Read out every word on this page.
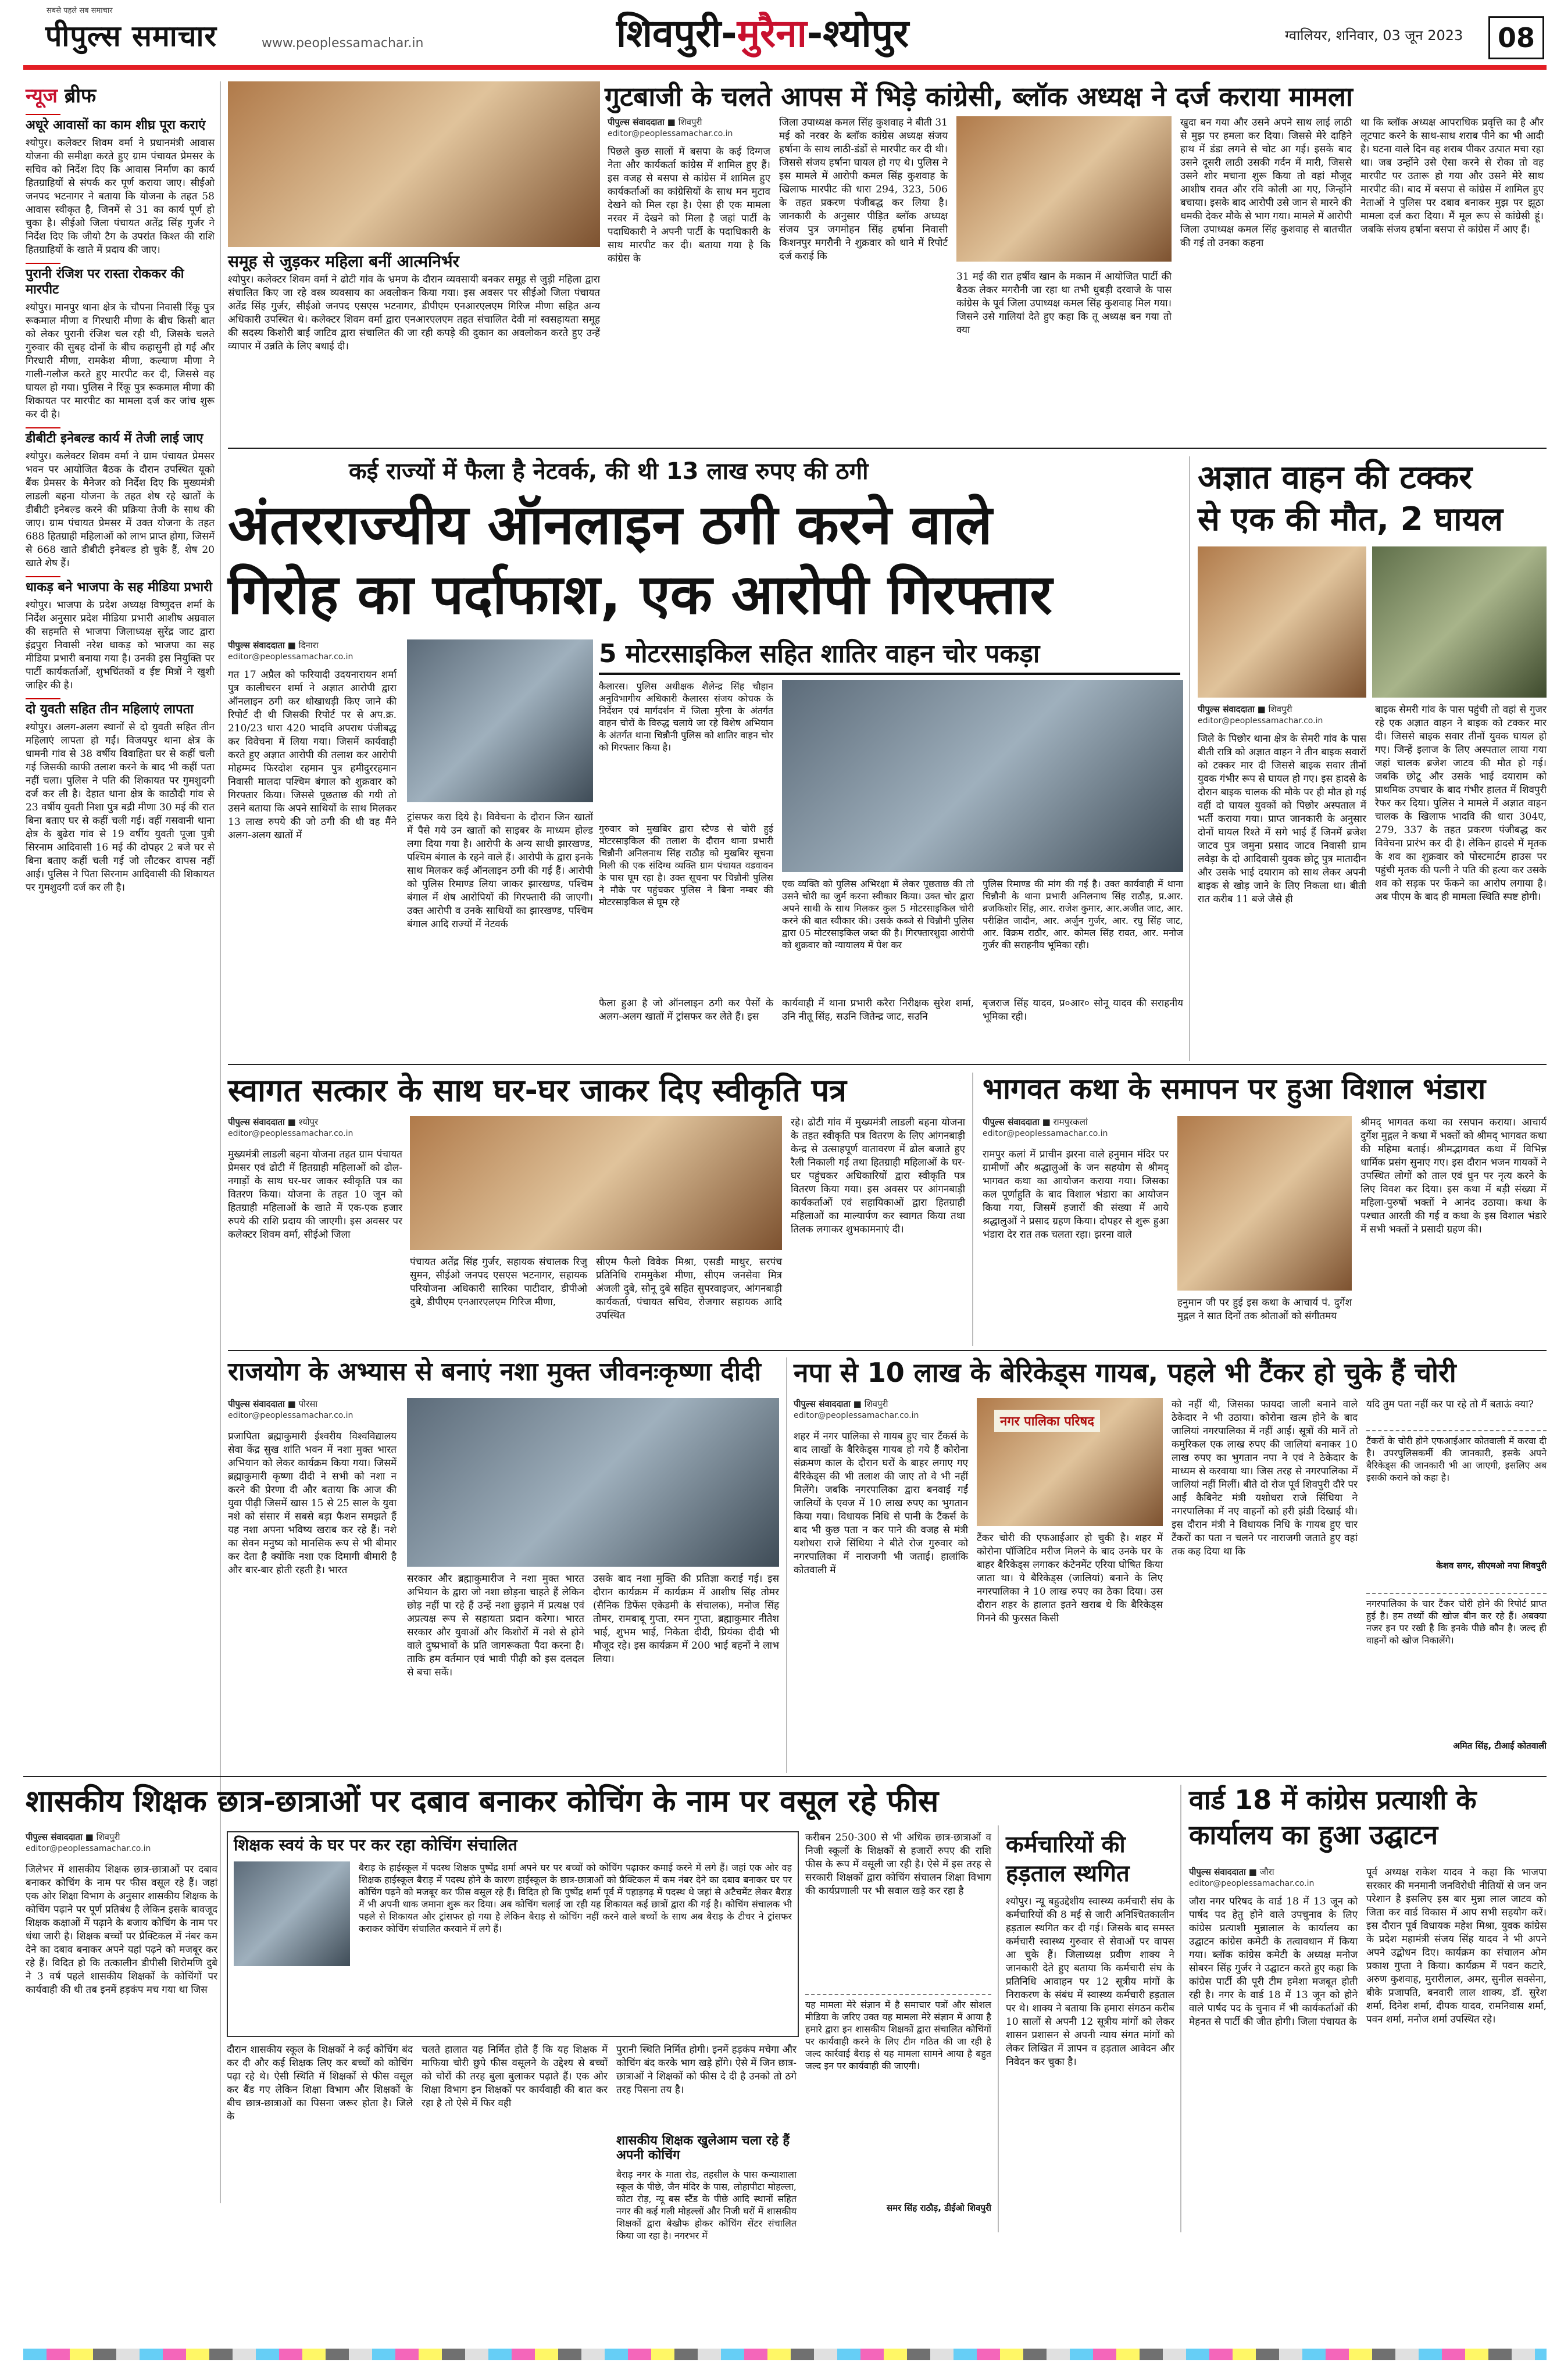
सबसे पहले सब समाचार
पीपुल्स समाचार	www.peoplessamachar.in	शिवपुरी-मुरैना-श्योपुर	ग्वालियर, शनिवार, 03 जून 2023	08
न्यूज ब्रीफ
अधूरे आवासों का काम शीघ्र पूरा कराएं

श्योपुर। कलेक्टर शिवम वर्मा ने प्रधानमंत्री आवास योजना की समीक्षा करते हुए ग्राम पंचायत प्रेमसर के सचिव को निर्देश दिए कि आवास निर्माण का कार्य हितग्राहियों से संपर्क कर पूर्ण कराया जाए। सीईओ जनपद भटनागर ने बताया कि योजना के तहत 58 आवास स्वीकृत है, जिनमें से 31 का कार्य पूर्ण हो चुका है। सीईओ जिला पंचायत अतेंद्र सिंह गुर्जर ने निर्देश दिए कि जीयो टैग के उपरांत किश्त की राशि हितग्राहियों के खाते में प्रदाय की जाए।

पुरानी रंजिश पर रास्ता रोककर की मारपीट

श्योपुर। मानपुर थाना क्षेत्र के चौपना निवासी रिंकू पुत्र रूकमाल मीणा व गिरधारी मीणा के बीच किसी बात को लेकर पुरानी रंजिश चल रही थी, जिसके चलते गुरुवार की सुबह दोनों के बीच कहासुनी हो गई और गिरधारी मीणा, रामकेश मीणा, कल्याण मीणा ने गाली-गलौज करते हुए मारपीट कर दी, जिससे वह घायल हो गया। पुलिस ने रिंकू पुत्र रूकमाल मीणा की शिकायत पर मारपीट का मामला दर्ज कर जांच शुरू कर दी है।

डीबीटी इनेबल्ड कार्य में तेजी लाई जाए

श्योपुर। कलेक्टर शिवम वर्मा ने ग्राम पंचायत प्रेमसर भवन पर आयोजित बैठक के दौरान उपस्थित यूको बैंक प्रेमसर के मैनेजर को निर्देश दिए कि मुख्यमंत्री लाडली बहना योजना के तहत शेष रहे खातों के डीबीटी इनेबल्ड करने की प्रक्रिया तेजी के साथ की जाए। ग्राम पंचायत प्रेमसर में उक्त योजना के तहत 688 हितग्राही महिलाओं को लाभ प्राप्त होगा, जिसमें से 668 खाते डीबीटी इनेबल्ड हो चुके हैं, शेष 20 खाते शेष हैं।

धाकड़ बने भाजपा के सह मीडिया प्रभारी

श्योपुर। भाजपा के प्रदेश अध्यक्ष विष्णुदत्त शर्मा के निर्देश अनुसार प्रदेश मीडिया प्रभारी आशीष अग्रवाल की सहमति से भाजपा जिलाध्यक्ष सुरेंद्र जाट द्वारा इंद्रपुरा निवासी नरेश धाकड़ को भाजपा का सह मीडिया प्रभारी बनाया गया है। उनकी इस नियुक्ति पर पार्टी कार्यकर्ताओं, शुभचिंतकों व ईष्ट मित्रों ने खुशी जाहिर की है।

दो युवती सहित तीन महिलाएं लापता

श्योपुर। अलग-अलग स्थानों से दो युवती सहित तीन महिलाएं लापता हो गईं। विजयपुर थाना क्षेत्र के धामनी गांव से 38 वर्षीय विवाहिता घर से कहीं चली गई जिसकी काफी तलाश करने के बाद भी कहीं पता नहीं चला। पुलिस ने पति की शिकायत पर गुमशुदगी दर्ज कर ली है। देहात थाना क्षेत्र के काठौदी गांव से 23 वर्षीय युवती निशा पुत्र बद्री मीणा 30 मई की रात बिना बताए घर से कहीं चली गई। वहीं गसवानी थाना क्षेत्र के बुढेरा गांव से 19 वर्षीय युवती पूजा पुत्री सिरनाम आदिवासी 16 मई की दोपहर 2 बजे घर से बिना बताए कहीं चली गई जो लौटकर वापस नहीं आई। पुलिस ने पिता सिरनाम आदिवासी की शिकायत पर गुमशुदगी दर्ज कर ली है।

समूह से जुड़कर महिला बनीं आत्मनिर्भर

श्योपुर। कलेक्टर शिवम वर्मा ने ढोटी गांव के भ्रमण के दौरान व्यवसायी बनकर समूह से जुड़ी महिला द्वारा संचालित किए जा रहे वस्त्र व्यवसाय का अवलोकन किया गया। इस अवसर पर सीईओ जिला पंचायत अतेंद्र सिंह गुर्जर, सीईओ जनपद एसएस भटनागर, डीपीएम एनआरएलएम गिरिज मीणा सहित अन्य अधिकारी उपस्थित थे। कलेक्टर शिवम वर्मा द्वारा एनआरएलएम तहत संचालित देवी मां स्वसहायता समूह की सदस्य किशोरी बाई जाटिव द्वारा संचालित की जा रही कपड़े की दुकान का अवलोकन करते हुए उन्हें व्यापार में उन्नति के लिए बधाई दी।

गुटबाजी के चलते आपस में भिड़े कांग्रेसी, ब्लॉक अध्यक्ष ने दर्ज कराया मामला
पीपुल्स संवाददाता ■ शिवपुरी
editor@peoplessamachar.co.in

पिछले कुछ सालों में बसपा के कई दिग्गज नेता और कार्यकर्ता कांग्रेस में शामिल हुए हैं। इस वजह से बसपा से कांग्रेस में शामिल हुए कार्यकर्ताओं का कांग्रेसियों के साथ मन मुटाव देखने को मिल रहा है। ऐसा ही एक मामला नरवर में देखने को मिला है जहां पार्टी के पदाधिकारी ने अपनी पार्टी के पदाधिकारी के साथ मारपीट कर दी। बताया गया है कि कांग्रेस के

जिला उपाध्यक्ष कमल सिंह कुशवाह ने बीती 31 मई को नरवर के ब्लॉक कांग्रेस अध्यक्ष संजय हर्षाना के साथ लाठी-डंडों से मारपीट कर दी थी। जिससे संजय हर्षाना घायल हो गए थे। पुलिस ने इस मामले में आरोपी कमल सिंह कुशवाह के खिलाफ मारपीट की धारा 294, 323, 506 के तहत प्रकरण पंजीबद्ध कर लिया है। जानकारी के अनुसार पीड़ित ब्लॉक अध्यक्ष संजय पुत्र जगमोहन सिंह हर्षाना निवासी किशनपुर मगरौनी ने शुक्रवार को थाने में रिपोर्ट दर्ज कराई कि

31 मई की रात हर्षीव खान के मकान में आयोजित पार्टी की बैठक लेकर मगरौनी जा रहा था तभी धुबड़ी दरवाजे के पास कांग्रेस के पूर्व जिला उपाध्यक्ष कमल सिंह कुशवाह मिल गया। जिसने उसे गालियां देते हुए कहा कि तू अध्यक्ष बन गया तो क्या

खुदा बन गया और उसने अपने साथ लाई लाठी से मुझ पर हमला कर दिया। जिससे मेरे दाहिने हाथ में डंडा लगने से चोट आ गई। इसके बाद उसने दूसरी लाठी उसकी गर्दन में मारी, जिससे उसने शोर मचाना शुरू किया तो वहां मौजूद आशीष रावत और रवि कोली आ गए, जिन्होंने बचाया। इसके बाद आरोपी उसे जान से मारने की धमकी देकर मौके से भाग गया। मामले में आरोपी जिला उपाध्यक्ष कमल सिंह कुशवाह से बातचीत की गई तो उनका कहना

था कि ब्लॉक अध्यक्ष आपराधिक प्रवृत्ति का है और लूटपाट करने के साथ-साथ शराब पीने का भी आदी है। घटना वाले दिन वह शराब पीकर उत्पात मचा रहा था। जब उन्होंने उसे ऐसा करने से रोका तो वह मारपीट पर उतारू हो गया और उसने मेरे साथ मारपीट की। बाद में बसपा से कांग्रेस में शामिल हुए नेताओं ने पुलिस पर दबाव बनाकर मुझ पर झूठा मामला दर्ज करा दिया। मैं मूल रूप से कांग्रेसी हूं। जबकि संजय हर्षाना बसपा से कांग्रेस में आए हैं।

कई राज्यों में फैला है नेटवर्क, की थी 13 लाख रुपए की ठगी
अंतरराज्यीय ऑनलाइन ठगी करने वाले
गिरोह का पर्दाफाश, एक आरोपी गिरफ्तार
पीपुल्स संवाददाता ■ दिनारा
editor@peoplessamachar.co.in

गत 17 अप्रैल को फरियादी उदयनारायन शर्मा पुत्र कालीचरन शर्मा ने अज्ञात आरोपी द्वारा ऑनलाइन ठगी कर धोखाधड़ी किए जाने की रिपोर्ट दी थी जिसकी रिपोर्ट पर से अप.क्र. 210/23 धारा 420 भादवि अपराध पंजीबद्ध कर विवेचना में लिया गया। जिसमें कार्यवाही करते हुए अज्ञात आरोपी की तलाश कर आरोपी मोहम्मद फिरदोश रहमान पुत्र हमीदुररहमान निवासी मालदा पश्चिम बंगाल को शुक्रवार को गिरफ्तार किया। जिससे पूछताछ की गयी तो उसने बताया कि अपने साथियों के साथ मिलकर 13 लाख रुपये की जो ठगी की थी वह मैंने अलग-अलग खातों में

ट्रांसफर करा दिये है। विवेचना के दौरान जिन खातों में पैसे गये उन खातों को साइबर के माध्यम होल्ड लगा दिया गया है। आरोपी के अन्य साथी झारखण्ड, पश्चिम बंगाल के रहने वाले हैं। आरोपी के द्वारा इनके साथ मिलकर कई ऑनलाइन ठगी की गई हैं। आरोपी को पुलिस रिमाण्ड लिया जाकर झारखण्ड, पश्चिम बंगाल में शेष आरोपियों की गिरफ्तारी की जाएगी। उक्त आरोपी व उनके साथियों का झारखण्ड, पश्चिम बंगाल आदि राज्यों में नेटवर्क

5 मोटरसाइकिल सहित शातिर वाहन चोर पकड़ा

कैलारस। पुलिस अधीक्षक शैलेन्द्र सिंह चौहान अनुविभागीय अधिकारी कैलारस संजय कोचक के निर्देशन एवं मार्गदर्शन में जिला मुरैना के अंतर्गत वाहन चोरों के विरुद्ध चलाये जा रहे विशेष अभियान के अंतर्गत थाना चिन्नौनी पुलिस को शातिर वाहन चोर को गिरफ्तार किया है।

गुरुवार को मुखबिर द्वारा स्टैण्ड से चोरी हुई मोटरसाइकिल की तलाश के दौरान थाना प्रभारी चिन्नौनी अनिलनाथ सिंह राठौड़ को मुखबिर सूचना मिली की एक संदिग्ध व्यक्ति ग्राम पंचायत वडवावन के पास घूम रहा है। उक्त सूचना पर चिन्नौनी पुलिस ने मौके पर पहुंचकर पुलिस ने बिना नम्बर की मोटरसाइकिल से घूम रहे

एक व्यक्ति को पुलिस अभिरक्षा में लेकर पूछताछ की तो उसने चोरी का जुर्म करना स्वीकार किया। उक्त चोर द्वारा अपने साथी के साथ मिलकर कुल 5 मोटरसाइकिल चोरी करने की बात स्वीकार की। उसके कब्जे से चिन्नौनी पुलिस द्वारा 05 मोटरसाइकिल जब्त की है। गिरफ्तारशुदा आरोपी को शुक्रवार को न्यायालय में पेश कर

पुलिस रिमाण्ड की मांग की गई है। उक्त कार्यवाही में थाना चिन्नौनी के थाना प्रभारी अनिलनाथ सिंह राठौड़, प्र.आर. ब्रजकिशोर सिंह, आर. राजेश कुमार, आर.अजीत जाट, आर. परीक्षित जादौन, आर. अर्जुन गुर्जर, आर. रघु सिंह जाट, आर. विक्रम राठौर, आर. कोमल सिंह रावत, आर. मनोज गुर्जर की सराहनीय भूमिका रही।

फैला हुआ है जो ऑनलाइन ठगी कर पैसों के अलग-अलग खातों में ट्रांसफर कर लेते हैं। इस

कार्यवाही में थाना प्रभारी करैरा निरीक्षक सुरेश शर्मा, उनि नीतू सिंह, सउनि जितेन्द्र जाट, सउनि

बृजराज सिंह यादव, प्र०आर० सोनू यादव की सराहनीय भूमिका रही।

अज्ञात वाहन की टक्कर
से एक की मौत, 2 घायल
पीपुल्स संवाददाता ■ शिवपुरी
editor@peoplessamachar.co.in

जिले के पिछोर थाना क्षेत्र के सेमरी गांव के पास बीती रात्रि को अज्ञात वाहन ने तीन बाइक सवारों को टक्कर मार दी जिससे बाइक सवार तीनों युवक गंभीर रूप से घायल हो गए। इस हादसे के दौरान बाइक चालक की मौके पर ही मौत हो गई वहीं दो घायल युवकों को पिछोर अस्पताल में भर्ती कराया गया। प्राप्त जानकारी के अनुसार दोनों घायल रिश्ते में सगे भाई हैं जिनमें ब्रजेश जाटव पुत्र जमुना प्रसाद जाटव निवासी ग्राम लवेड़ा के दो आदिवासी युवक छोटू पुत्र मातादीन और उसके भाई दयाराम को साथ लेकर अपनी बाइक से खोड़ जाने के लिए निकला था। बीती रात करीब 11 बजे जैसे ही

बाइक सेमरी गांव के पास पहुंची तो वहां से गुजर रहे एक अज्ञात वाहन ने बाइक को टक्कर मार दी। जिससे बाइक सवार तीनों युवक घायल हो गए। जिन्हें इलाज के लिए अस्पताल लाया गया जहां चालक ब्रजेश जाटव की मौत हो गई। जबकि छोटू और उसके भाई दयाराम को प्राथमिक उपचार के बाद गंभीर हालत में शिवपुरी रैफर कर दिया। पुलिस ने मामले में अज्ञात वाहन चालक के खिलाफ भादवि की धारा 304ए, 279, 337 के तहत प्रकरण पंजीबद्ध कर विवेचना प्रारंभ कर दी है। लेकिन हादसे में मृतक के शव का शुक्रवार को पोस्टमार्टम हाउस पर पहुंची मृतक की पत्नी ने पति की हत्या कर उसके शव को सड़क पर फेंकने का आरोप लगाया है। अब पीएम के बाद ही मामला स्थिति स्पष्ट होगी।

स्वागत सत्कार के साथ घर-घर जाकर दिए स्वीकृति पत्र
पीपुल्स संवाददाता ■ श्योपुर
editor@peoplessamachar.co.in

मुख्यमंत्री लाडली बहना योजना तहत ग्राम पंचायत प्रेमसर एवं ढोटी में हितग्राही महिलाओं को ढोल-नगाड़ों के साथ घर-घर जाकर स्वीकृति पत्र का वितरण किया। योजना के तहत 10 जून को हितग्राही महिलाओं के खाते में एक-एक हजार रुपये की राशि प्रदाय की जाएगी। इस अवसर पर कलेक्टर शिवम वर्मा, सीईओ जिला

पंचायत अतेंद्र सिंह गुर्जर, सहायक संचालक रिजु सुमन, सीईओ जनपद एसएस भटनागर, सहायक परियोजना अधिकारी सारिका पाटीदार, डीपीओ दुबे, डीपीएम एनआरएलएम गिरिज मीणा,

सीएम फैलो विवेक मिश्रा, एसडी माथुर, सरपंच प्रतिनिधि राममुकेश मीणा, सीएम जनसेवा मित्र अंजली दुबे, सोनू दुबे सहित सुपरवाइजर, आंगनबाड़ी कार्यकर्ता, पंचायत सचिव, रोजगार सहायक आदि उपस्थित

रहे। ढोटी गांव में मुख्यमंत्री लाडली बहना योजना के तहत स्वीकृति पत्र वितरण के लिए आंगनबाड़ी केन्द्र से उत्साहपूर्ण वातावरण में ढोल बजाते हुए रैली निकाली गई तथा हितग्राही महिलाओं के घर-घर पहुंचकर अधिकारियों द्वारा स्वीकृति पत्र वितरण किया गया। इस अवसर पर आंगनबाड़ी कार्यकर्ताओं एवं सहायिकाओं द्वारा हितग्राही महिलाओं का माल्यार्पण कर स्वागत किया तथा तिलक लगाकर शुभकामनाएं दी।

भागवत कथा के समापन पर हुआ विशाल भंडारा
पीपुल्स संवाददाता ■ रामपुरकलां
editor@peoplessamachar.co.in

रामपुर कलां में प्राचीन झरना वाले हनुमान मंदिर पर ग्रामीणों और श्रद्धालुओं के जन सहयोग से श्रीमद् भागवत कथा का आयोजन कराया गया। जिसका कल पूर्णाहुति के बाद विशाल भंडारा का आयोजन किया गया, जिसमें हजारों की संख्या में आये श्रद्धालुओं ने प्रसाद ग्रहण किया। दोपहर से शुरू हुआ भंडारा देर रात तक चलता रहा। झरना वाले

हनुमान जी पर हुई इस कथा के आचार्य पं. दुर्गेश मुद्गल ने सात दिनों तक श्रोताओं को संगीतमय

श्रीमद् भागवत कथा का रसपान कराया। आचार्य दुर्गेश मुद्गल ने कथा में भक्तों को श्रीमद् भागवत कथा की महिमा बताई। श्रीमद्भागवत कथा में विभिन्न धार्मिक प्रसंग सुनाए गए। इस दौरान भजन गायकों ने उपस्थित लोगों को ताल एवं धुन पर नृत्य करने के लिए विवश कर दिया। इस कथा में बड़ी संख्या में महिला-पुरुषों भक्तों ने आनंद उठाया। कथा के पश्चात आरती की गई व कथा के इस विशाल भंडारे में सभी भक्तों ने प्रसादी ग्रहण की।

राजयोग के अभ्यास से बनाएं नशा मुक्त जीवनःकृष्णा दीदी
पीपुल्स संवाददाता ■ पोरसा
editor@peoplessamachar.co.in

प्रजापिता ब्रह्माकुमारी ईश्वरीय विश्वविद्यालय सेवा केंद्र सुख शांति भवन में नशा मुक्त भारत अभियान को लेकर कार्यक्रम किया गया। जिसमें ब्रह्माकुमारी कृष्णा दीदी ने सभी को नशा न करने की प्रेरणा दी और बताया कि आज की युवा पीढ़ी जिसमें खास 15 से 25 साल के युवा नशे को संसार में सबसे बड़ा फैशन समझते हैं यह नशा अपना भविष्य खराब कर रहे हैं। नशे का सेवन मनुष्य को मानसिक रूप से भी बीमार कर देता है क्योंकि नशा एक दिमागी बीमारी है और बार-बार होती रहती है। भारत

सरकार और ब्रह्माकुमारीज ने नशा मुक्त भारत अभियान के द्वारा जो नशा छोड़ना चाहते हैं लेकिन छोड़ नहीं पा रहे हैं उन्हें नशा छुड़ाने में प्रत्यक्ष एवं अप्रत्यक्ष रूप से सहायता प्रदान करेगा। भारत सरकार और युवाओं और किशोरों में नशे से होने वाले दुष्प्रभावों के प्रति जागरूकता पैदा करना है। ताकि हम वर्तमान एवं भावी पीढ़ी को इस दलदल से बचा सकें।

उसके बाद नशा मुक्ति की प्रतिज्ञा कराई गई। इस दौरान कार्यक्रम में कार्यक्रम में आशीष सिंह तोमर (सैनिक डिफेंस एकेडमी के संचालक), मनोज सिंह तोमर, रामबाबू गुप्ता, रमन गुप्ता, ब्रह्माकुमार नीतेश भाई, शुभम भाई, निकेता दीदी, प्रियंका दीदी भी मौजूद रहे। इस कार्यक्रम में 200 भाई बहनों ने लाभ लिया।

नपा से 10 लाख के बेरिकेड्स गायब, पहले भी टैंकर हो चुके हैं चोरी
पीपुल्स संवाददाता ■ शिवपुरी
editor@peoplessamachar.co.in

शहर में नगर पालिका से गायब हुए चार टैंकर्स के बाद लाखों के बैरिकेड्स गायब हो गये हैं कोरोना संक्रमण काल के दौरान घरों के बाहर लगाए गए बैरिकेड्स की भी तलाश की जाए तो वे भी नहीं मिलेंगे। जबकि नगरपालिका द्वारा बनवाई गईं जालियों के एवज में 10 लाख रुपए का भुगतान किया गया। विधायक निधि से पानी के टैंकर्स के बाद भी कुछ पता न कर पाने की वजह से मंत्री यशोधरा राजे सिंधिया ने बीते रोज गुरुवार को नगरपालिका में नाराजगी भी जताई। हालांकि कोतवाली में

नगर पालिका परिषद

टैंकर चोरी की एफआईआर हो चुकी है। शहर में कोरोना पॉजिटिव मरीज मिलने के बाद उनके घर के बाहर बैरिकेड्स लगाकर कंटेनमेंट एरिया घोषित किया जाता था। ये बैरिकेड्स (जालियां) बनाने के लिए नगरपालिका ने 10 लाख रुपए का ठेका दिया। उस दौरान शहर के हालात इतने खराब थे कि बैरिकेड्स गिनने की फुरसत किसी

को नहीं थी, जिसका फायदा जाली बनाने वाले ठेकेदार ने भी उठाया। कोरोना खत्म होने के बाद जालियां नगरपालिका में नहीं आईं। सूत्रों की मानें तो कमुरिकल एक लाख रुपए की जालियां बनाकर 10 लाख रुपए का भुगतान नपा ने एवं ने ठेकेदार के माध्यम से करवाया था। जिस तरह से नगरपालिका में जालियां नहीं मिलीं। बीते दो रोज पूर्व शिवपुरी दौरे पर आईं कैबिनेट मंत्री यशोधरा राजे सिंधिया ने नगरपालिका में नए वाहनों को हरी झंडी दिखाई थी। इस दौरान मंत्री ने विधायक निधि के गायब हुए चार टैंकरों का पता न चलने पर नाराजगी जताते हुए वहां तक कह दिया था कि

यदि तुम पता नहीं कर पा रहे तो मैं बताऊं क्या?

टैंकरों के चोरी होने एफआईआर कोतवाली में करवा दी है। उपरपुलिसकर्मी की जानकारी, इसके अपने बैरिकेड्स की जानकारी भी आ जाएगी, इसलिए अब इसकी कराने को कहा है।

केशव सगर, सीएमओ नपा शिवपुरी

नगरपालिका के चार टैंकर चोरी होने की रिपोर्ट प्राप्त हुई है। हम तथ्यों की खोज बीन कर रहे हैं। अबक्या नजर इन पर रखी है कि इनके पीछे कौन है। जल्द ही वाहनों को खोज निकालेंगे।

अमित सिंह, टीआई कोतवाली
शासकीय शिक्षक छात्र-छात्राओं पर दबाव बनाकर कोचिंग के नाम पर वसूल रहे फीस
पीपुल्स संवाददाता ■ शिवपुरी
editor@peoplessamachar.co.in

जिलेभर में शासकीय शिक्षक छात्र-छात्राओं पर दबाव बनाकर कोचिंग के नाम पर फीस वसूल रहे हैं। जहां एक ओर शिक्षा विभाग के अनुसार शासकीय शिक्षक के कोचिंग पढ़ाने पर पूर्ण प्रतिबंध है लेकिन इसके बावजूद शिक्षक कक्षाओं में पढ़ाने के बजाय कोचिंग के नाम पर धंधा जारी है। शिक्षक बच्चों पर प्रैक्टिकल में नंबर कम देने का दबाव बनाकर अपने यहां पढ़ने को मजबूर कर रहे हैं। विदित हो कि तत्कालीन डीपीसी शिरोमणि दुबे ने 3 वर्ष पहले शासकीय शिक्षकों के कोचिंगों पर कार्यवाही की थी तब इनमें हड़कंप मच गया था जिस

शिक्षक स्वयं के घर पर कर रहा कोचिंग संचालित

बैराड़ के हाईस्कूल में पदस्थ शिक्षक पुष्पेंद्र शर्मा अपने घर पर बच्चों को कोचिंग पढ़ाकर कमाई करने में लगे हैं। जहां एक ओर वह शिक्षक हाईस्कूल बैराड़ में पदस्थ होने के कारण हाईस्कूल के छात्र-छात्राओं को प्रैक्टिकल में कम नंबर देने का दबाव बनाकर घर पर कोचिंग पढ़ने को मजबूर कर फीस वसूल रहे हैं। विदित हो कि पुष्पेंद्र शर्मा पूर्व में पहाड़गढ़ में पदस्थ थे जहां से अटैचमेंट लेकर बैराड़ में भी अपनी धाक जमाना शुरू कर दिया। अब कोचिंग चलाई जा रही यह शिकायत कई छात्रों द्वारा की गई है। कोचिंग संचालक भी पहले से शिकायत और ट्रांसफर हो गया है लेकिन बैराड़ से कोचिंग नहीं करने वाले बच्चों के साथ अब बैराड़ के टीचर ने ट्रांसफर कराकर कोचिंग संचालित करवाने में लगे हैं।

दौरान शासकीय स्कूल के शिक्षकों ने कई कोचिंग बंद कर दी और कई शिक्षक लिए कर बच्चों को कोचिंग पढ़ा रहे थे। ऐसी स्थिति में शिक्षकों से फीस वसूल कर बैंड गए लेकिन शिक्षा विभाग और शिक्षकों के बीच छात्र-छात्राओं का पिसना जरूर होता है। जिले के

चलते हालात यह निर्मित होते हैं कि यह शिक्षक में माफिया चोरी छुपे फीस वसूलने के उद्देश्य से बच्चों को चोरों की तरह बुला बुलाकर पढ़ाते हैं। एक ओर शिक्षा विभाग इन शिक्षकों पर कार्यवाही की बात कर रहा है तो ऐसे में फिर वही

पुरानी स्थिति निर्मित होगी। इनमें हड़कंप मचेगा और कोचिंग बंद करके भाग खड़े होंगे। ऐसे में जिन छात्र-छात्राओं ने शिक्षकों को फीस दे दी है उनको तो ठगे तरह पिसना तय है।

शासकीय शिक्षक खुलेआम चला रहे हैं अपनी कोचिंग

बैराड़ नगर के माता रोड, तहसील के पास कन्याशाला स्कूल के पीछे, जैन मंदिर के पास, लोहापीटा मोहल्ला, कोटा रोड़, न्यू बस स्टैंड के पीछे आदि स्थानों सहित नगर की कई गली मोहल्लों और निजी घरों में शासकीय शिक्षकों द्वारा बेखौफ होकर कोचिंग सेंटर संचालित किया जा रहा है। नगरभर में

करीबन 250-300 से भी अधिक छात्र-छात्राओं व निजी स्कूलों के शिक्षकों से हजारों रुपए की राशि फीस के रूप में वसूली जा रही है। ऐसे में इस तरह से सरकारी शिक्षकों द्वारा कोचिंग संचालन शिक्षा विभाग की कार्यप्रणाली पर भी सवाल खड़े कर रहा है

यह मामला मेरे संज्ञान में है समाचार पत्रों और सोशल मीडिया के जरिए उक्त यह मामला मेरे संज्ञान में आया है हमारे द्वारा इन शासकीय शिक्षकों द्वारा संचालित कोचिंगों पर कार्यवाही करने के लिए टीम गठित की जा रही है जल्द कार्रवाई बैराड़ से यह मामला सामने आया है बहुत जल्द इन पर कार्यवाही की जाएगी।

समर सिंह राठौड़, डीईओ शिवपुरी
कर्मचारियों की
हड़ताल स्थगित

श्योपुर। न्यू बहुउद्देशीय स्वास्थ्य कर्मचारी संघ के कर्मचारियों की 8 मई से जारी अनिश्चितकालीन हड़ताल स्थगित कर दी गई। जिसके बाद समस्त कर्मचारी स्वास्थ्य गुरुवार से सेवाओं पर वापस आ चुके हैं। जिलाध्यक्ष प्रवीण शाक्य ने जानकारी देते हुए बताया कि कर्मचारी संघ के प्रतिनिधि आवाहन पर 12 सूत्रीय मांगों के निराकरण के संबंध में स्वास्थ्य कर्मचारी हड़ताल पर थे। शाक्य ने बताया कि हमारा संगठन करीब 10 सालों से अपनी 12 सूत्रीय मांगों को लेकर शासन प्रशासन से अपनी न्याय संगत मांगों को लेकर लिखित में ज्ञापन व हड़ताल आवेदन और निवेदन कर चुका है।

वार्ड 18 में कांग्रेस प्रत्याशी के
कार्यालय का हुआ उद्घाटन
पीपुल्स संवाददाता ■ जौरा
editor@peoplessamachar.co.in

जौरा नगर परिषद के वार्ड 18 में 13 जून को पार्षद पद हेतु होने वाले उपचुनाव के लिए कांग्रेस प्रत्याशी मुन्नालाल के कार्यालय का उद्घाटन कांग्रेस कमेटी के तत्वावधान में किया गया। ब्लॉक कांग्रेस कमेटी के अध्यक्ष मनोज सोबरन सिंह गुर्जर ने उद्घाटन करते हुए कहा कि कांग्रेस पार्टी की पूरी टीम हमेशा मजबूत होती रही है। नगर के वार्ड 18 में 13 जून को होने वाले पार्षद पद के चुनाव में भी कार्यकर्ताओं की मेहनत से पार्टी की जीत होगी। जिला पंचायत के

पूर्व अध्यक्ष राकेश यादव ने कहा कि भाजपा सरकार की मनमानी जनविरोधी नीतियों से जन जन परेशान है इसलिए इस बार मुन्ना लाल जाटव को जिता कर वार्ड विकास में आप सभी सहयोग करें। इस दौरान पूर्व विधायक महेश मिश्रा, युवक कांग्रेस के प्रदेश महामंत्री संजय सिंह यादव ने भी अपने अपने उद्बोधन दिए। कार्यक्रम का संचालन ओम प्रकाश गुप्ता ने किया। कार्यक्रम में पवन कटारे, अरुण कुशवाह, मुरारीलाल, अमर, सुनील सक्सेना, बीके प्रजापति, बनवारी लाल शाक्य, डॉ. सुरेश शर्मा, दिनेश शर्मा, दीपक यादव, रामनिवास शर्मा, पवन शर्मा, मनोज शर्मा उपस्थित रहे।
